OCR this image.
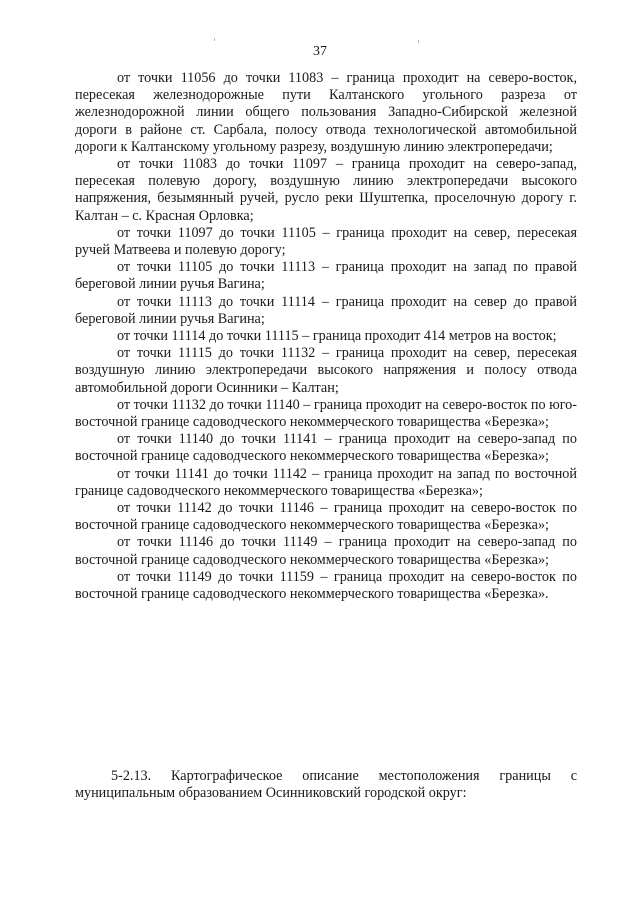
37

от точки 11056 до точки 11083 – граница проходит на северо-восток, пересекая железнодорожные пути Калтанского угольного разреза от железнодорожной линии общего пользования Западно-Сибирской железной дороги в районе ст. Сарбала, полосу отвода технологической автомобильной дороги к Калтанскому угольному разрезу, воздушную линию электропередачи;

от точки 11083 до точки 11097 – граница проходит на северо-запад, пересекая полевую дорогу, воздушную линию электропередачи высокого напряжения, безымянный ручей, русло реки Шуштепка, проселочную дорогу г. Калтан – с. Красная Орловка;

от точки 11097 до точки 11105 – граница проходит на север, пересекая ручей Матвеева и полевую дорогу;

от точки 11105 до точки 11113 – граница проходит на запад по правой береговой линии ручья Вагина;

от точки 11113 до точки 11114 – граница проходит на север до правой береговой линии ручья Вагина;

от точки 11114 до точки 11115 – граница проходит 414 метров на восток;

от точки 11115 до точки 11132 – граница проходит на север, пересекая воздушную линию электропередачи высокого напряжения и полосу отвода автомобильной дороги Осинники – Калтан;

от точки 11132 до точки 11140 – граница проходит на северо-восток по юго-восточной границе садоводческого некоммерческого товарищества «Березка»;

от точки 11140 до точки 11141 – граница проходит на северо-запад по восточной границе садоводческого некоммерческого товарищества «Березка»;

от точки 11141 до точки 11142 – граница проходит на запад по восточной границе садоводческого некоммерческого товарищества «Березка»;

от точки 11142 до точки 11146 – граница проходит на северо-восток по восточной границе садоводческого некоммерческого товарищества «Березка»;

от точки 11146 до точки 11149 – граница проходит на северо-запад по восточной границе садоводческого некоммерческого товарищества «Березка»;

от точки 11149 до точки 11159 – граница проходит на северо-восток по восточной границе садоводческого некоммерческого товарищества «Березка».

5-2.13. Картографическое описание местоположения границы с муниципальным образованием Осинниковский городской округ:
